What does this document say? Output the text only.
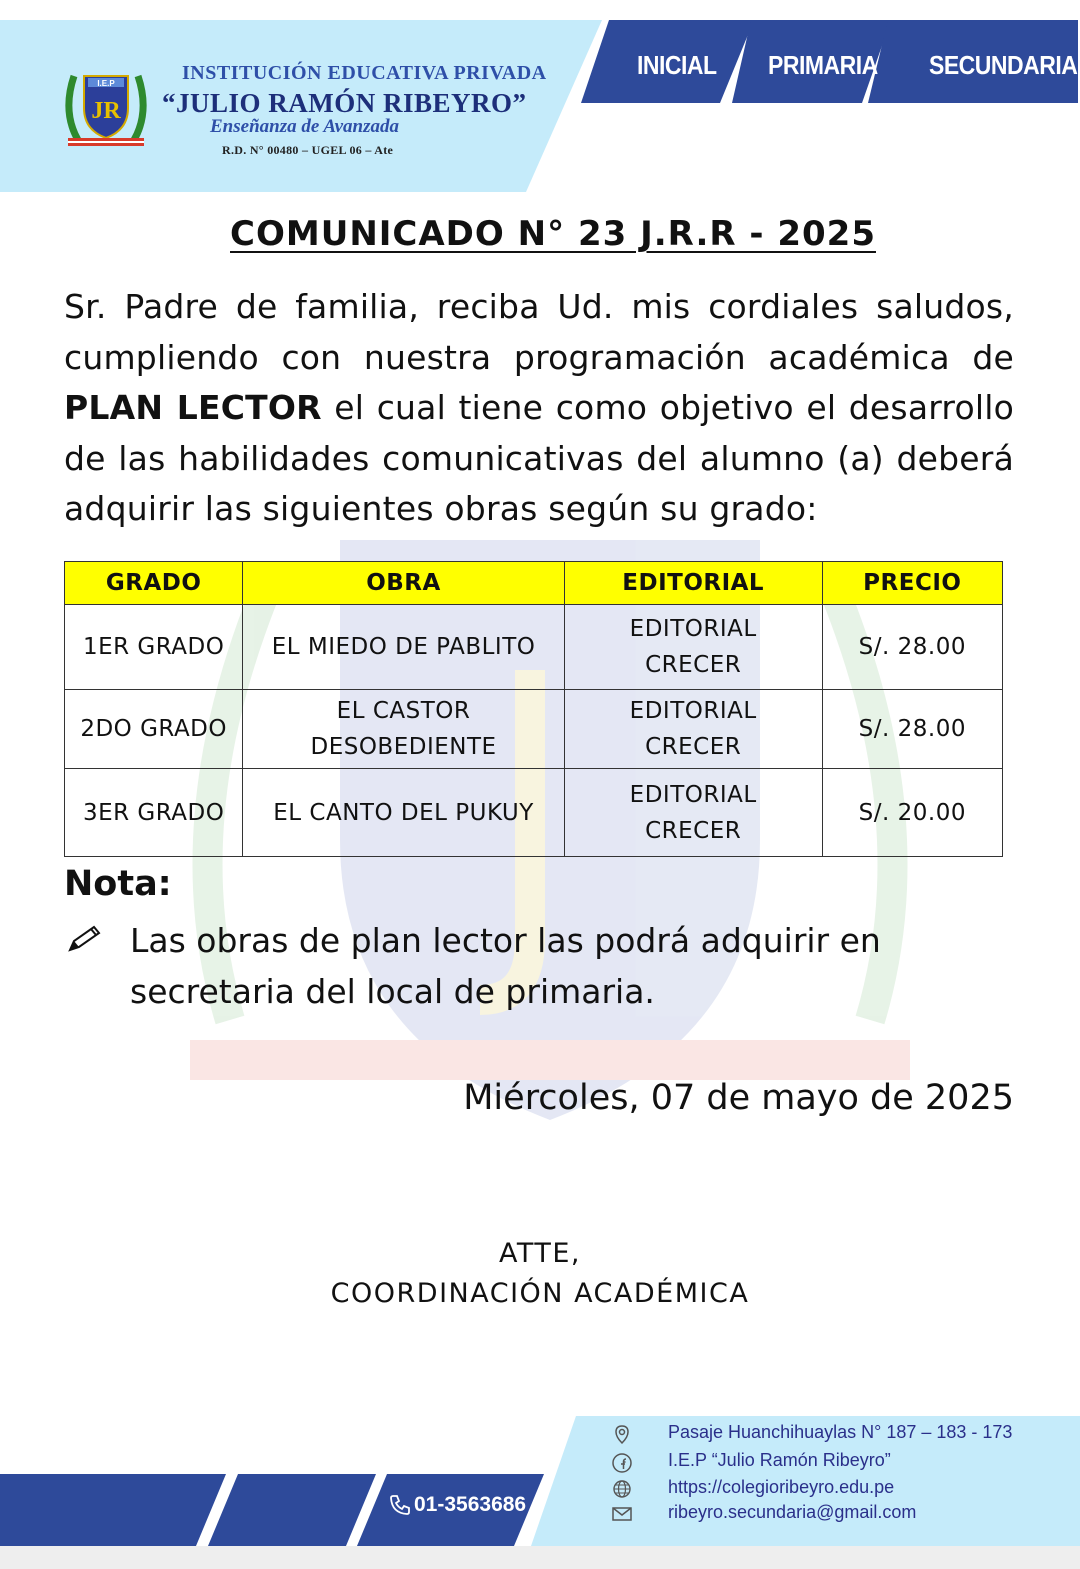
I.E.P
JR
INSTITUCIÓN EDUCATIVA PRIVADA
“JULIO RAMÓN RIBEYRO”
Enseñanza de Avanzada
R.D. N° 00480 – UGEL 06 – Ate
INICIAL PRIMARIA SECUNDARIA
COMUNICADO N° 23 J.R.R - 2025
Sr. Padre de familia, reciba Ud. mis cordiales saludos, cumpliendo con nuestra programación académica de PLAN LECTOR el cual tiene como objetivo el desarrollo de las habilidades comunicativas del alumno (a) deberá adquirir las siguientes obras según su grado:
GRADO	OBRA	EDITORIAL	PRECIO
1ER GRADO	EL MIEDO DE PABLITO	EDITORIAL CRECER	S/. 28.00
2DO GRADO	EL CASTOR DESOBEDIENTE	EDITORIAL CRECER	S/. 28.00
3ER GRADO	EL CANTO DEL PUKUY	EDITORIAL CRECER	S/. 20.00
Nota:
Las obras de plan lector las podrá adquirir en secretaria del local de primaria.
Miércoles, 07 de mayo de 2025
ATTE,
COORDINACIÓN ACADÉMICA
01-3563686
Pasaje Huanchihuaylas N° 187 – 183 - 173
I.E.P “Julio Ramón Ribeyro”
https://colegioribeyro.edu.pe
ribeyro.secundaria@gmail.com
